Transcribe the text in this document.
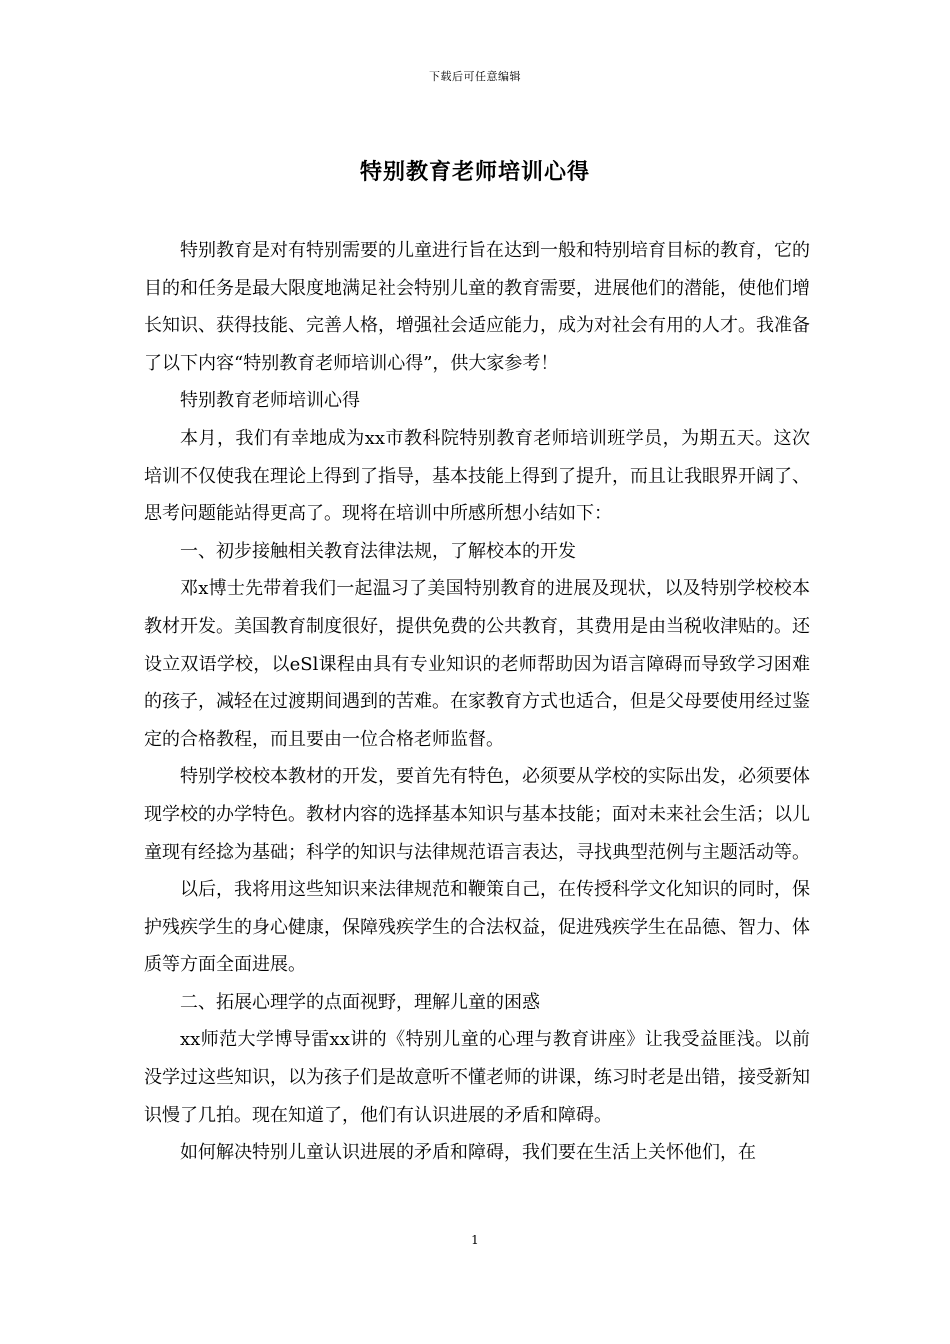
下载后可任意编辑
特别教育老师培训心得

特别教育是对有特别需要的儿童进行旨在达到一般和特别培育目标的教育，它的目的和任务是最大限度地满足社会特别儿童的教育需要，进展他们的潜能，使他们增长知识、获得技能、完善人格，增强社会适应能力，成为对社会有用的人才。我准备了以下内容“特别教育老师培训心得”，供大家参考！

特别教育老师培训心得

本月，我们有幸地成为xx市教科院特别教育老师培训班学员，为期五天。这次培训不仅使我在理论上得到了指导，基本技能上得到了提升，而且让我眼界开阔了、思考问题能站得更高了。现将在培训中所感所想小结如下：

一、初步接触相关教育法律法规，了解校本的开发

邓x博士先带着我们一起温习了美国特别教育的进展及现状，以及特别学校校本教材开发。美国教育制度很好，提供免费的公共教育，其费用是由当税收津贴的。还设立双语学校，以eSl课程由具有专业知识的老师帮助因为语言障碍而导致学习困难的孩子，减轻在过渡期间遇到的苦难。在家教育方式也适合，但是父母要使用经过鉴定的合格教程，而且要由一位合格老师监督。

特别学校校本教材的开发，要首先有特色，必须要从学校的实际出发，必须要体现学校的办学特色。教材内容的选择基本知识与基本技能；面对未来社会生活；以儿童现有经捻为基础；科学的知识与法律规范语言表达，寻找典型范例与主题活动等。

以后，我将用这些知识来法律规范和鞭策自己，在传授科学文化知识的同时，保护残疾学生的身心健康，保障残疾学生的合法权益，促进残疾学生在品德、智力、体质等方面全面进展。

二、拓展心理学的点面视野，理解儿童的困惑

xx师范大学博导雷xx讲的《特别儿童的心理与教育讲座》让我受益匪浅。以前没学过这些知识，以为孩子们是故意听不懂老师的讲课，练习时老是出错，接受新知识慢了几拍。现在知道了，他们有认识进展的矛盾和障碍。

如何解决特别儿童认识进展的矛盾和障碍，我们要在生活上关怀他们，在

1
